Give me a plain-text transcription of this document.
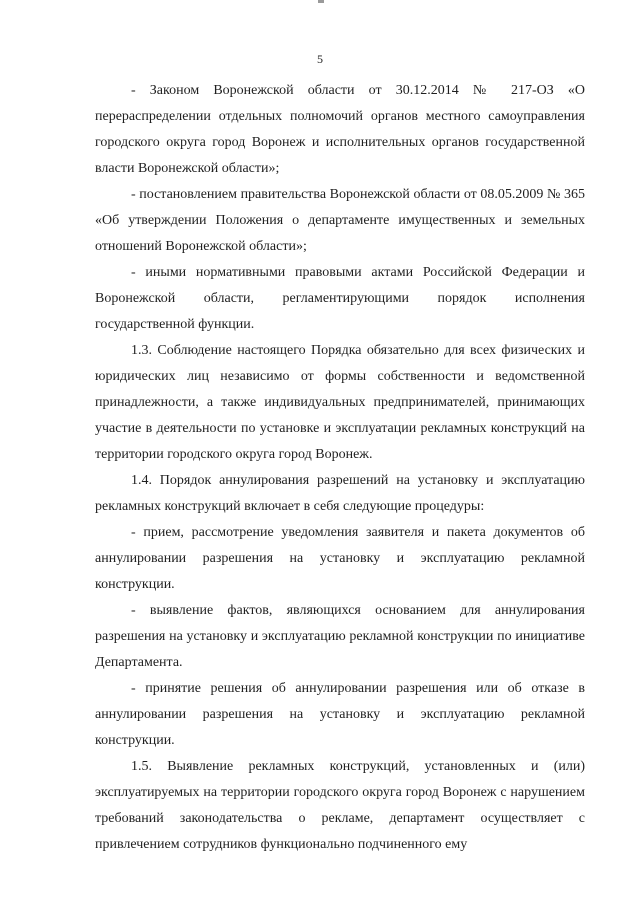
5

- Законом Воронежской области от 30.12.2014 № 217-ОЗ «О перераспределении отдельных полномочий органов местного самоуправления городского округа город Воронеж и исполнительных органов государственной власти Воронежской области»;

- постановлением правительства Воронежской области от 08.05.2009 № 365 «Об утверждении Положения о департаменте имущественных и земельных отношений Воронежской области»;

- иными нормативными правовыми актами Российской Федерации и Воронежской области, регламентирующими порядок исполнения государственной функции.

1.3. Соблюдение настоящего Порядка обязательно для всех физических и юридических лиц независимо от формы собственности и ведомственной принадлежности, а также индивидуальных предпринимателей, принимающих участие в деятельности по установке и эксплуатации рекламных конструкций на территории городского округа город Воронеж.

1.4. Порядок аннулирования разрешений на установку и эксплуатацию рекламных конструкций включает в себя следующие процедуры:

- прием, рассмотрение уведомления заявителя и пакета документов об аннулировании разрешения на установку и эксплуатацию рекламной конструкции.

- выявление фактов, являющихся основанием для аннулирования разрешения на установку и эксплуатацию рекламной конструкции по инициативе Департамента.

- принятие решения об аннулировании разрешения или об отказе в аннулировании разрешения на установку и эксплуатацию рекламной конструкции.

1.5. Выявление рекламных конструкций, установленных и (или) эксплуатируемых на территории городского округа город Воронеж с нарушением требований законодательства о рекламе, департамент осуществляет с привлечением сотрудников функционально подчиненного ему
